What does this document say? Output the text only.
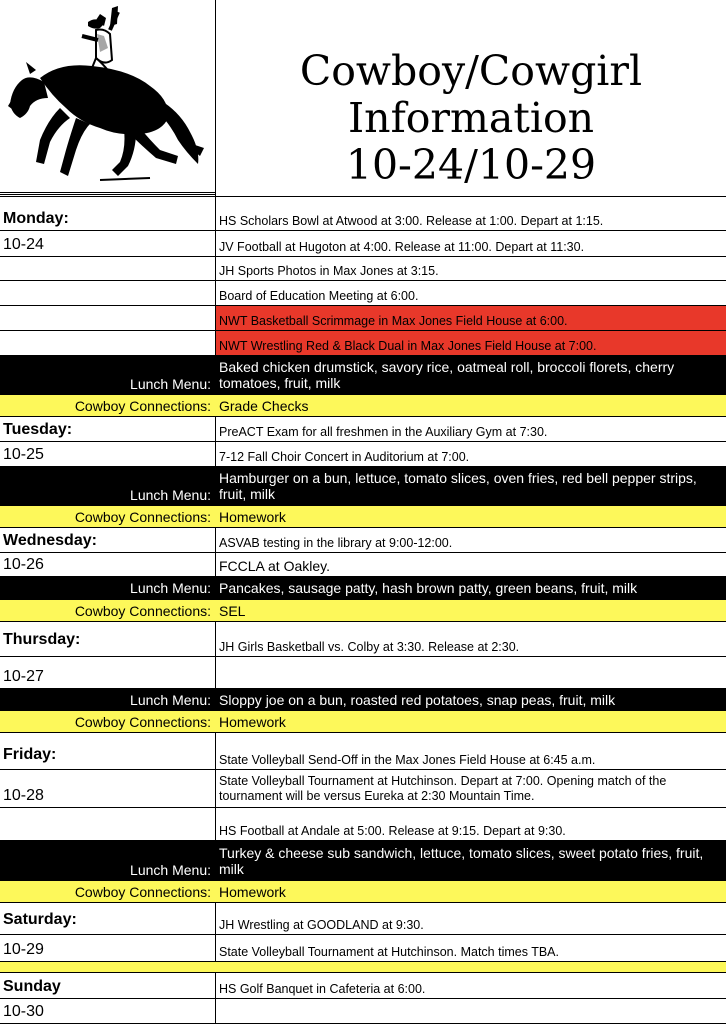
Cowboy/Cowgirl
Information
10-24/10-29
Monday:	HS Scholars Bowl at Atwood at 3:00. Release at 1:00. Depart at 1:15.
10-24	JV Football at Hugoton at 4:00. Release at 11:00. Depart at 11:30.
JH Sports Photos in Max Jones at 3:15.
Board of Education Meeting at 6:00.
NWT Basketball Scrimmage in Max Jones Field House at 6:00.
NWT Wrestling Red & Black Dual in Max Jones Field House at 7:00.
Lunch Menu:
Baked chicken drumstick, savory rice, oatmeal roll, broccoli florets, cherry tomatoes, fruit, milk
Cowboy Connections: Grade Checks
Tuesday:	PreACT Exam for all freshmen in the Auxiliary Gym at 7:30.
10-25	7-12 Fall Choir Concert in Auditorium at 7:00.
Lunch Menu:
Hamburger on a bun, lettuce, tomato slices, oven fries, red bell pepper strips, fruit, milk
Cowboy Connections: Homework
Wednesday:	ASVAB testing in the library at 9:00-12:00.
10-26	FCCLA at Oakley.
Lunch Menu: Pancakes, sausage patty, hash brown patty, green beans, fruit, milk
Cowboy Connections: SEL
Thursday:	JH Girls Basketball vs. Colby at 3:30. Release at 2:30.
10-27
Lunch Menu: Sloppy joe on a bun, roasted red potatoes, snap peas, fruit, milk
Cowboy Connections: Homework
Friday:	State Volleyball Send-Off in the Max Jones Field House at 6:45 a.m.
10-28
State Volleyball Tournament at Hutchinson. Depart at 7:00. Opening match of the tournament will be versus Eureka at 2:30 Mountain Time.
HS Football at Andale at 5:00. Release at 9:15. Depart at 9:30.
Lunch Menu:
Turkey & cheese sub sandwich, lettuce, tomato slices, sweet potato fries, fruit, milk
Cowboy Connections: Homework
Saturday:	JH Wrestling at GOODLAND at 9:30.
10-29	State Volleyball Tournament at Hutchinson. Match times TBA.
Sunday	HS Golf Banquet in Cafeteria at 6:00.
10-30
